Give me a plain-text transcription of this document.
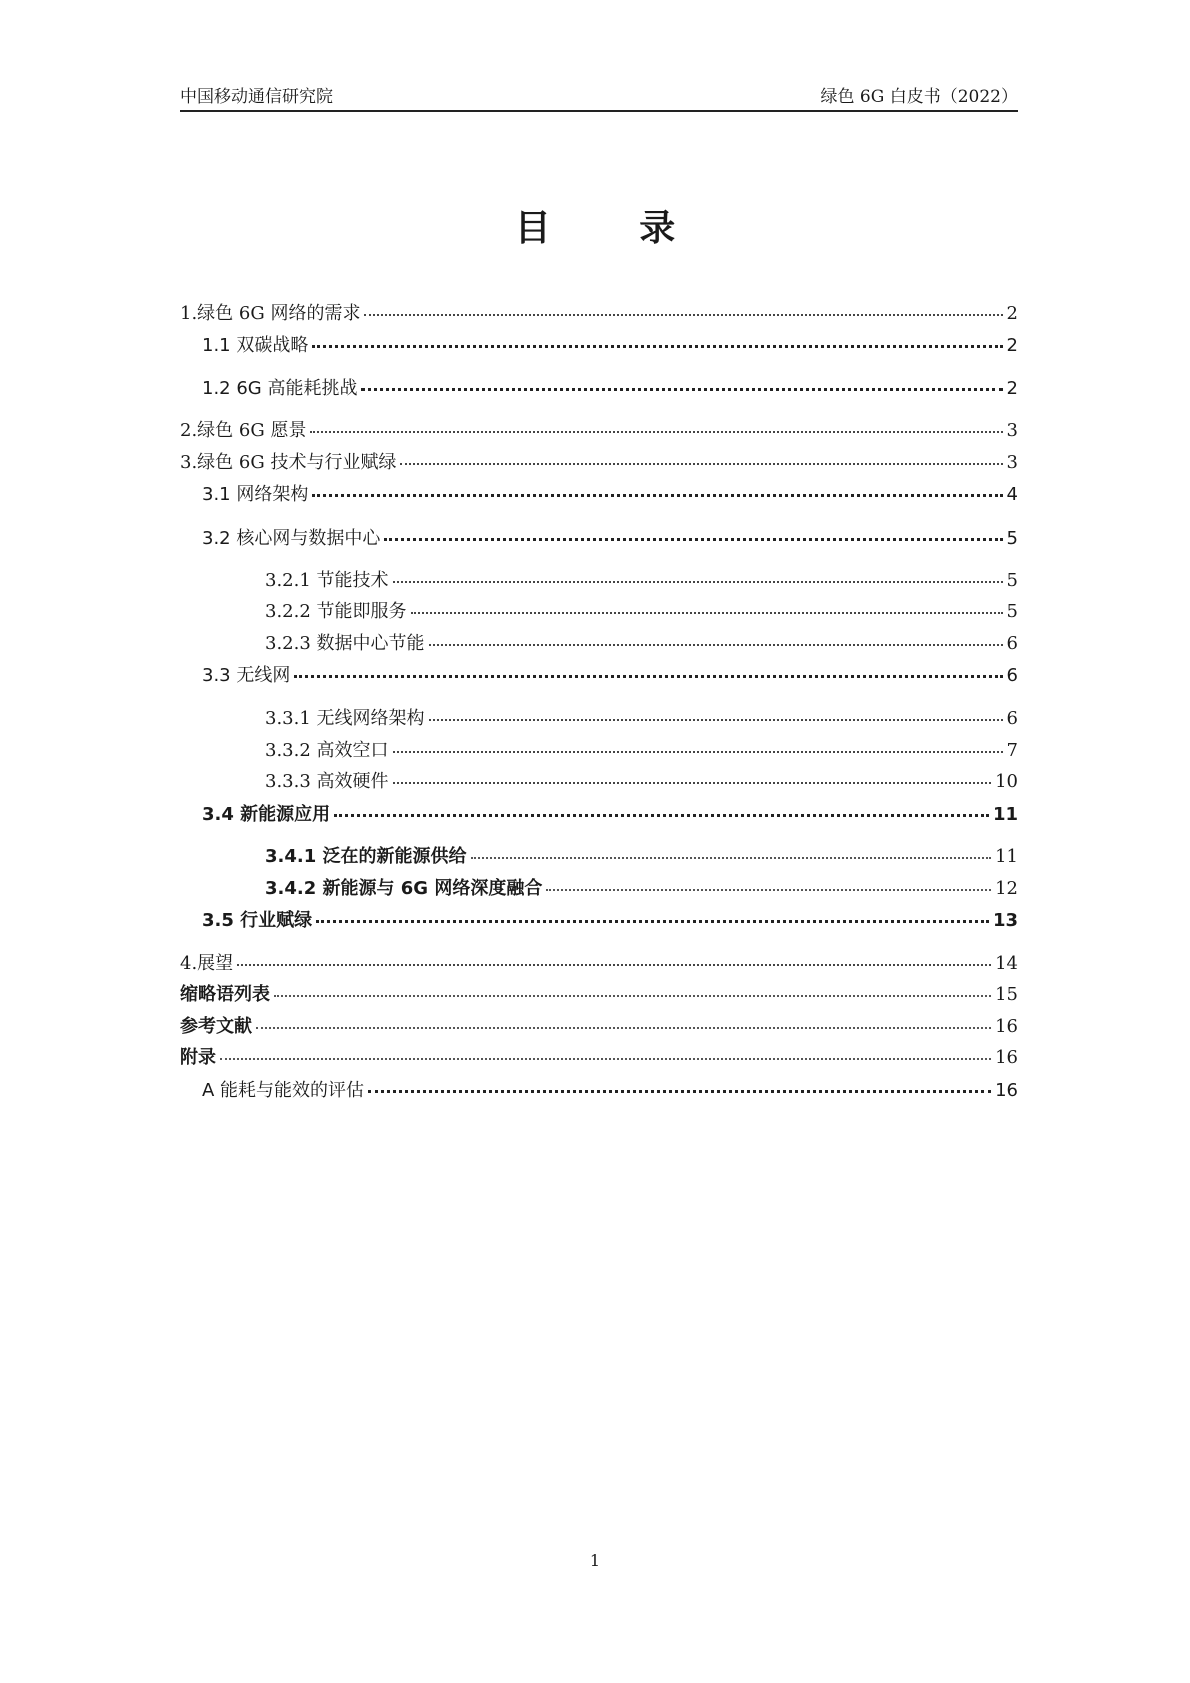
中国移动通信研究院	绿色 6G 白皮书（2022）
目 录
1.绿色 6G 网络的需求	2
1.1 双碳战略	2
1.2 6G 高能耗挑战	2
2.绿色 6G 愿景	3
3.绿色 6G 技术与行业赋绿	3
3.1 网络架构	4
3.2 核心网与数据中心	5
3.2.1 节能技术	5
3.2.2 节能即服务	5
3.2.3 数据中心节能	6
3.3 无线网	6
3.3.1 无线网络架构	6
3.3.2 高效空口	7
3.3.3 高效硬件	10
3.4 新能源应用	11
3.4.1 泛在的新能源供给	11
3.4.2 新能源与 6G 网络深度融合	12
3.5 行业赋绿	13
4.展望	14
缩略语列表	15
参考文献	16
附录	16
A 能耗与能效的评估	16
1
